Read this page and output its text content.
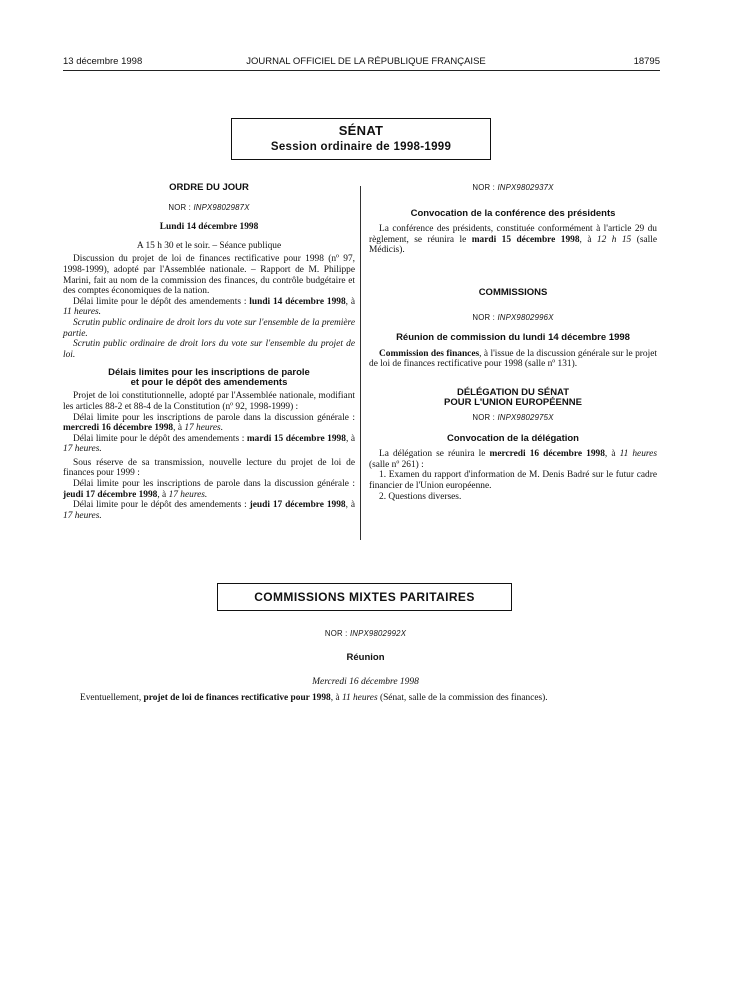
13 décembre 1998	JOURNAL OFFICIEL DE LA RÉPUBLIQUE FRANÇAISE	18795
SÉNAT
Session ordinaire de 1998-1999
ORDRE DU JOUR
NOR : INPX9802987X
Lundi 14 décembre 1998
A 15 h 30 et le soir. – Séance publique

Discussion du projet de loi de finances rectificative pour 1998 (nº 97, 1998-1999), adopté par l'Assemblée nationale. – Rapport de M. Philippe Marini, fait au nom de la commission des finances, du contrôle budgétaire et des comptes économiques de la nation.

Délai limite pour le dépôt des amendements : lundi 14 décembre 1998, à 11 heures.

Scrutin public ordinaire de droit lors du vote sur l'ensemble de la première partie.

Scrutin public ordinaire de droit lors du vote sur l'ensemble du projet de loi.

Délais limites pour les inscriptions de parole
et pour le dépôt des amendements

Projet de loi constitutionnelle, adopté par l'Assemblée nationale, modifiant les articles 88-2 et 88-4 de la Constitution (nº 92, 1998-1999) :

Délai limite pour les inscriptions de parole dans la discussion générale : mercredi 16 décembre 1998, à 17 heures.

Délai limite pour le dépôt des amendements : mardi 15 décembre 1998, à 17 heures.

Sous réserve de sa transmission, nouvelle lecture du projet de loi de finances pour 1999 :

Délai limite pour les inscriptions de parole dans la discussion générale : jeudi 17 décembre 1998, à 17 heures.

Délai limite pour le dépôt des amendements : jeudi 17 décembre 1998, à 17 heures.

NOR : INPX9802937X
Convocation de la conférence des présidents

La conférence des présidents, constituée conformément à l'article 29 du règlement, se réunira le mardi 15 décembre 1998, à 12 h 15 (salle Médicis).

COMMISSIONS
NOR : INPX9802996X
Réunion de commission du lundi 14 décembre 1998

Commission des finances, à l'issue de la discussion générale sur le projet de loi de finances rectificative pour 1998 (salle nº 131).

DÉLÉGATION DU SÉNAT
POUR L'UNION EUROPÉENNE
NOR : INPX9802975X
Convocation de la délégation

La délégation se réunira le mercredi 16 décembre 1998, à 11 heures (salle nº 261) :

1. Examen du rapport d'information de M. Denis Badré sur le futur cadre financier de l'Union européenne.

2. Questions diverses.

COMMISSIONS MIXTES PARITAIRES
NOR : INPX9802992X
Réunion
Mercredi 16 décembre 1998
Eventuellement, projet de loi de finances rectificative pour 1998, à 11 heures (Sénat, salle de la commission des finances).
